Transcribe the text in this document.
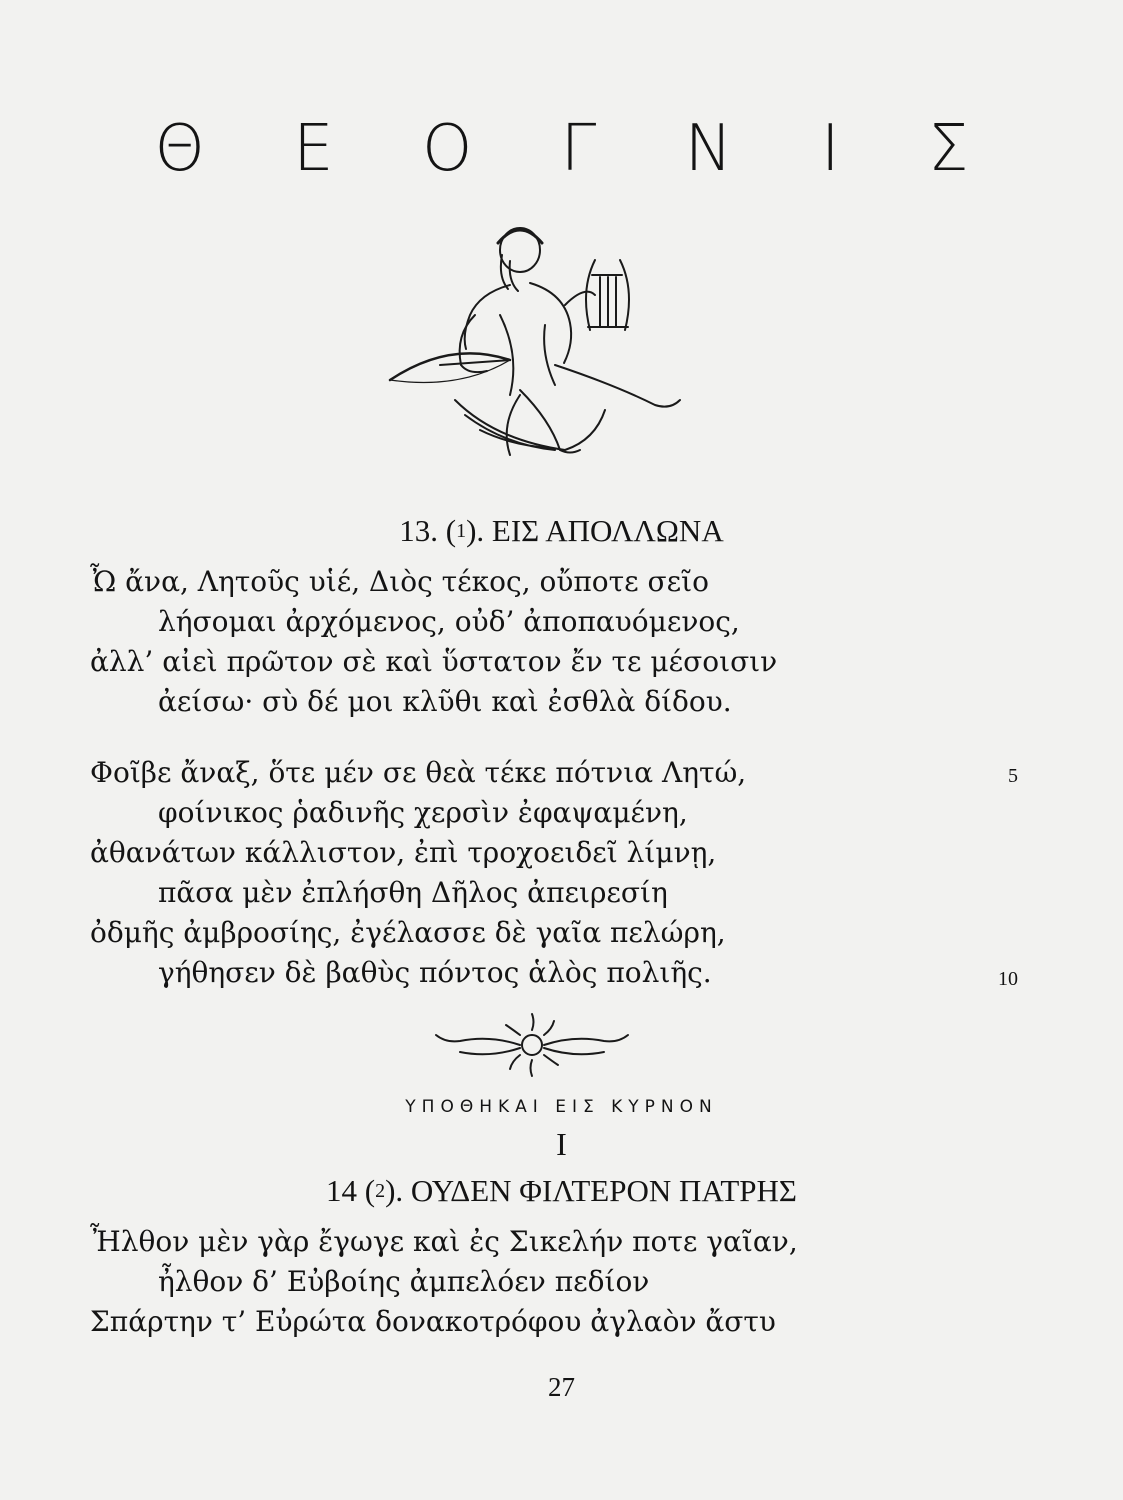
Θ Ε Ο Γ Ν Ι Σ
13. ($^1$). ΕΙΣ ΑΠΟΛΛΩΝΑ
Ὦ ἄνα, Λητοῦς υἱέ, Διὸς τέκος, οὔποτε σεῖο
λήσομαι ἀρχόμενος, οὐδ’ ἀποπαυόμενος,
ἀλλ’ αἰεὶ πρῶτον σὲ καὶ ὕστατον ἔν τε μέσοισιν
ἀείσω· σὺ δέ μοι κλῦθι καὶ ἐσθλὰ δίδου.
Φοῖβε ἄναξ, ὅτε μέν σε θεὰ τέκε πότνια Λητώ,	5
φοίνικος ῥαδινῆς χερσὶν ἐφαψαμένη,
ἀθανάτων κάλλιστον, ἐπὶ τροχοειδεῖ λίμνῃ,
πᾶσα μὲν ἐπλήσθη Δῆλος ἀπειρεσίη
ὀδμῆς ἀμβροσίης, ἐγέλασσε δὲ γαῖα πελώρη,
γήθησεν δὲ βαθὺς πόντος ἁλὸς πολιῆς.	10
ΥΠΟΘΗΚΑΙ ΕΙΣ ΚΥΡΝΟΝ
I
14 ($^2$). ΟΥΔΕΝ ΦΙΛΤΕΡΟΝ ΠΑΤΡΗΣ
Ἦλθον μὲν γὰρ ἔγωγε καὶ ἐς Σικελήν ποτε γαῖαν,
ἦλθον δ’ Εὐβοίης ἀμπελόεν πεδίον
Σπάρτην τ’ Εὐρώτα δονακοτρόφου ἀγλαὸν ἄστυ
27
